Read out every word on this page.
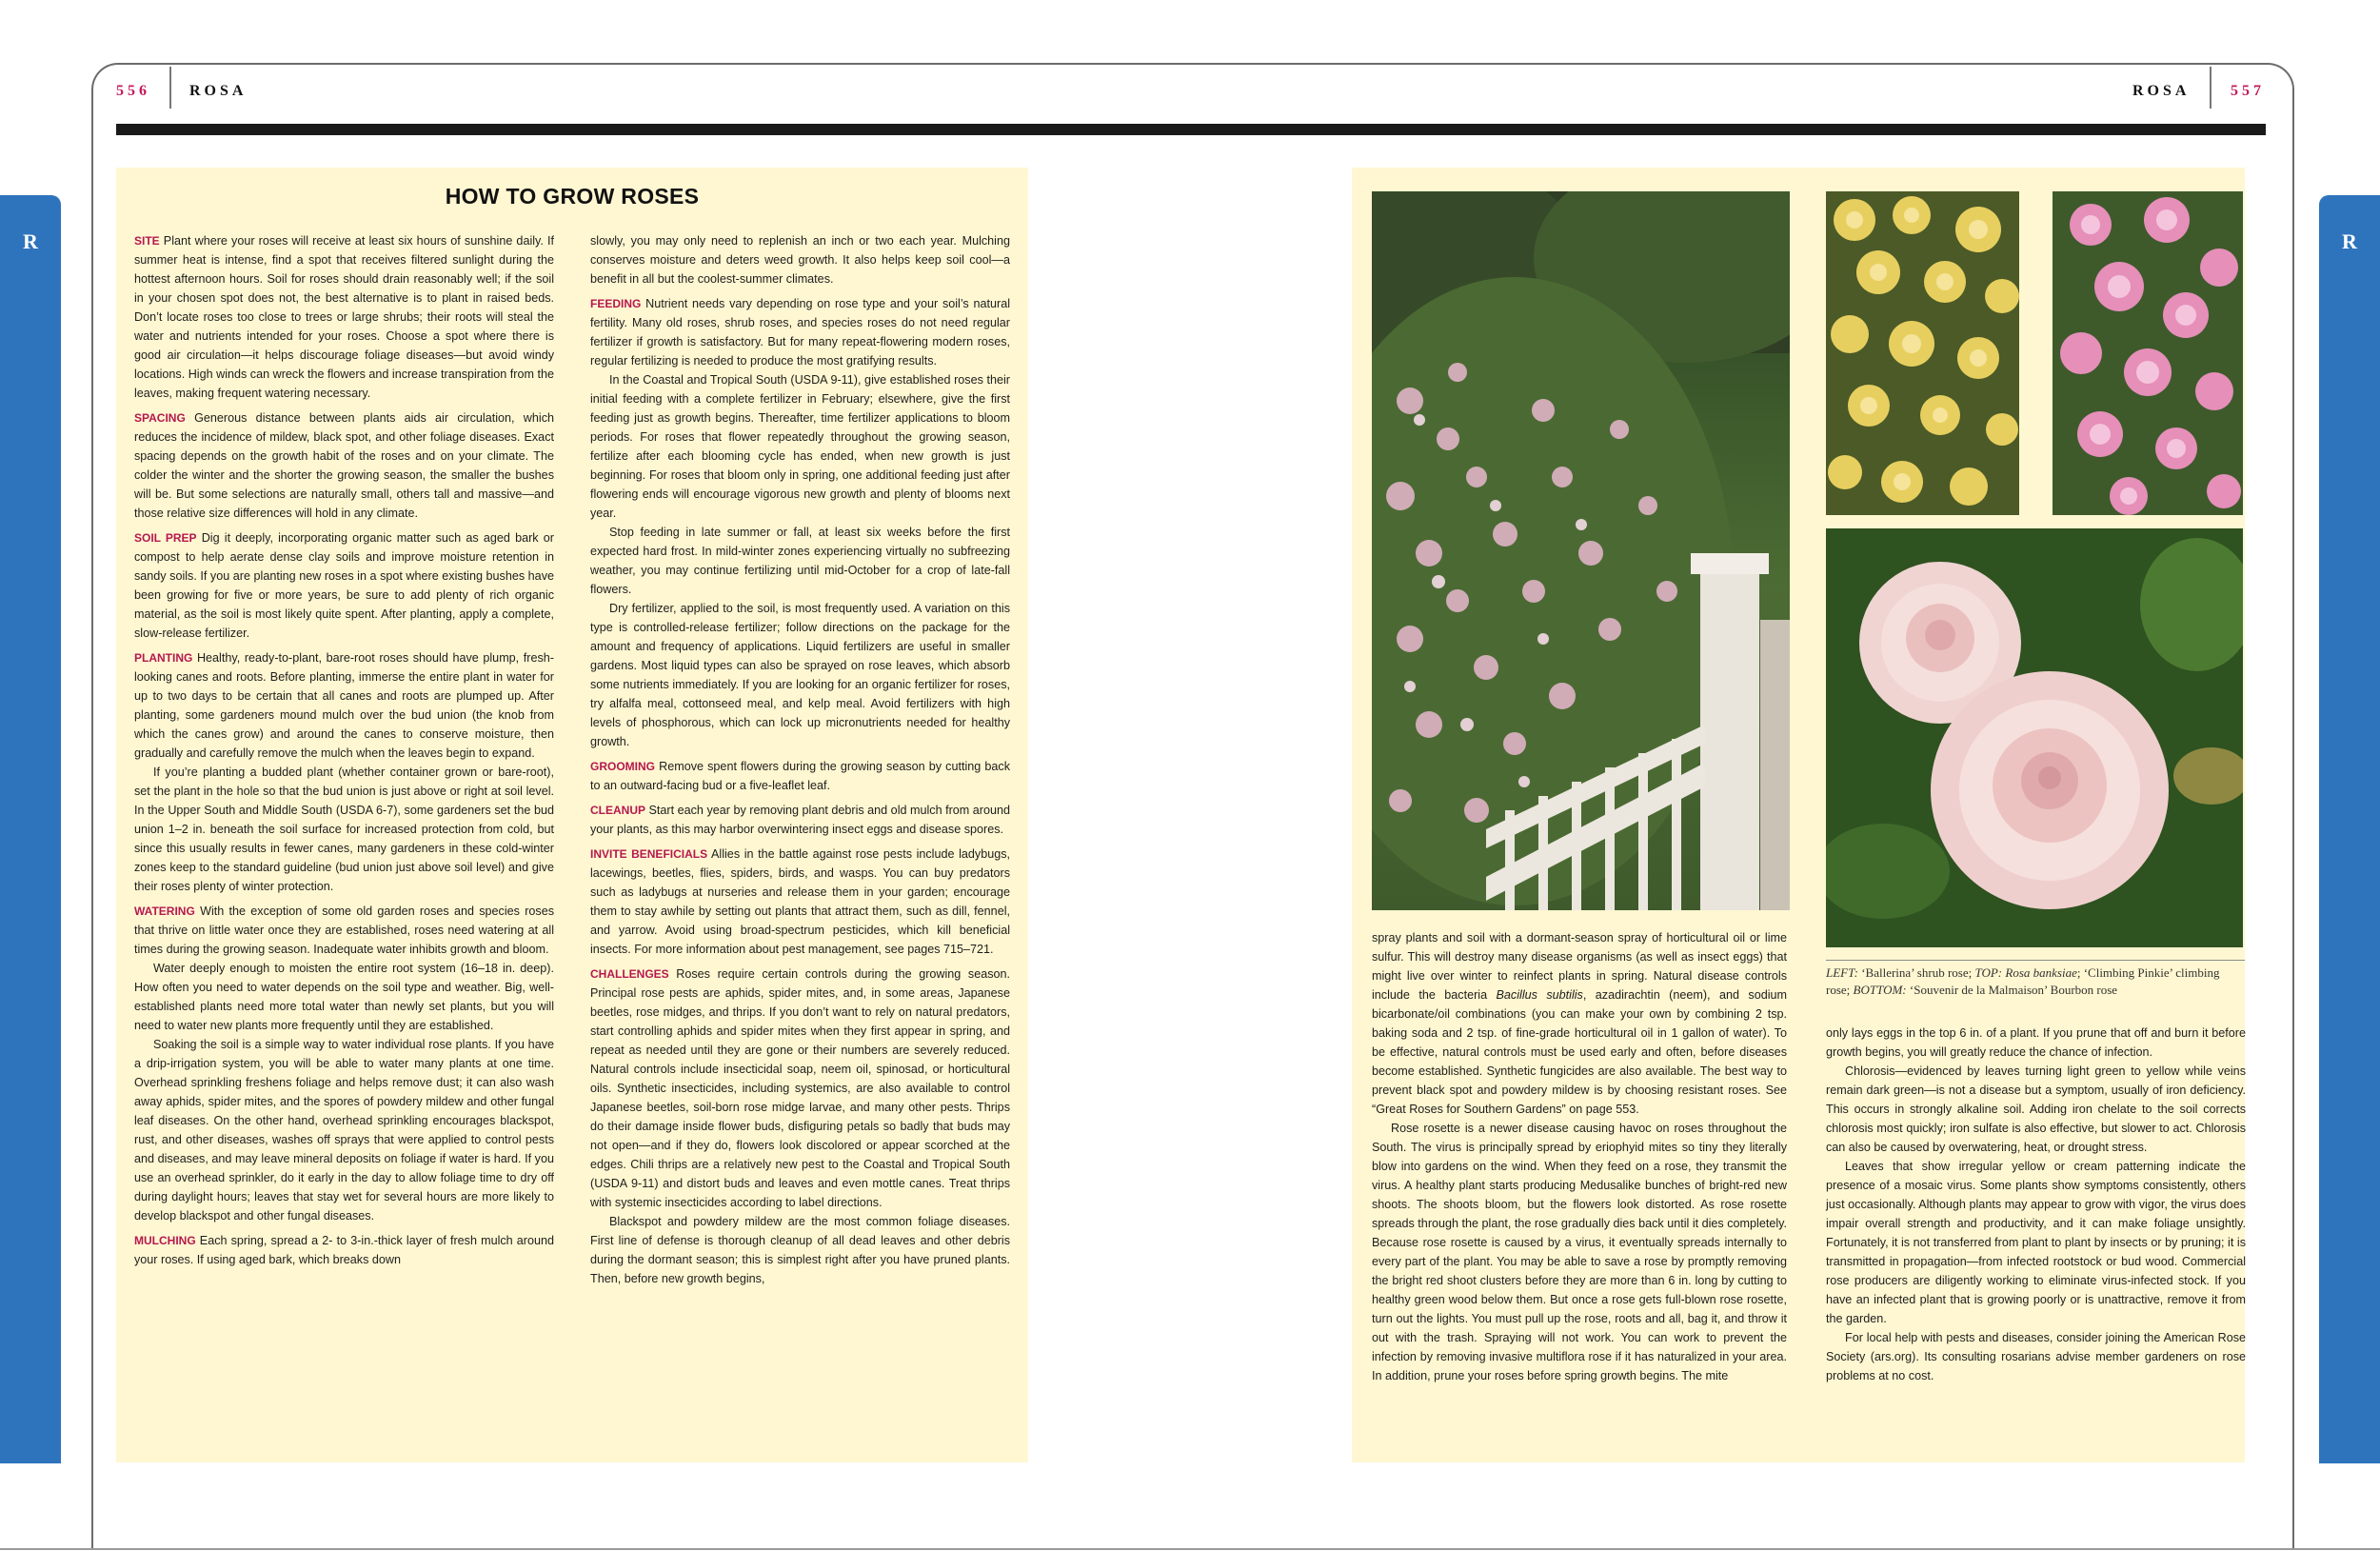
556	ROSA	ROSA	557
R	R
HOW TO GROW ROSES

SITE Plant where your roses will receive at least six hours of sunshine daily. If summer heat is intense, find a spot that receives filtered sunlight during the hottest afternoon hours. Soil for roses should drain reasonably well; if the soil in your chosen spot does not, the best alternative is to plant in raised beds. Don’t locate roses too close to trees or large shrubs; their roots will steal the water and nutrients intended for your roses. Choose a spot where there is good air circulation—it helps discourage foliage diseases—but avoid windy locations. High winds can wreck the flowers and increase transpiration from the leaves, making frequent watering necessary.

SPACING Generous distance between plants aids air circulation, which reduces the incidence of mildew, black spot, and other foliage diseases. Exact spacing depends on the growth habit of the roses and on your climate. The colder the winter and the shorter the growing season, the smaller the bushes will be. But some selections are naturally small, others tall and massive—and those relative size differences will hold in any climate.

SOIL PREP Dig it deeply, incorporating organic matter such as aged bark or compost to help aerate dense clay soils and improve moisture retention in sandy soils. If you are planting new roses in a spot where existing bushes have been growing for five or more years, be sure to add plenty of rich organic material, as the soil is most likely quite spent. After planting, apply a complete, slow-release fertilizer.

PLANTING Healthy, ready-to-plant, bare-root roses should have plump, fresh-looking canes and roots. Before planting, immerse the entire plant in water for up to two days to be certain that all canes and roots are plumped up. After planting, some gardeners mound mulch over the bud union (the knob from which the canes grow) and around the canes to conserve moisture, then gradually and carefully remove the mulch when the leaves begin to expand.

If you’re planting a budded plant (whether container grown or bare-root), set the plant in the hole so that the bud union is just above or right at soil level. In the Upper South and Middle South (USDA 6-7), some gardeners set the bud union 1–2 in. beneath the soil surface for increased protection from cold, but since this usually results in fewer canes, many gardeners in these cold-winter zones keep to the standard guideline (bud union just above soil level) and give their roses plenty of winter protection.

WATERING With the exception of some old garden roses and species roses that thrive on little water once they are established, roses need watering at all times during the growing season. Inadequate water inhibits growth and bloom.

Water deeply enough to moisten the entire root system (16–18 in. deep). How often you need to water depends on the soil type and weather. Big, well-established plants need more total water than newly set plants, but you will need to water new plants more frequently until they are established.

Soaking the soil is a simple way to water individual rose plants. If you have a drip-irrigation system, you will be able to water many plants at one time. Overhead sprinkling freshens foliage and helps remove dust; it can also wash away aphids, spider mites, and the spores of powdery mildew and other fungal leaf diseases. On the other hand, overhead sprinkling encourages blackspot, rust, and other diseases, washes off sprays that were applied to control pests and diseases, and may leave mineral deposits on foliage if water is hard. If you use an overhead sprinkler, do it early in the day to allow foliage time to dry off during daylight hours; leaves that stay wet for several hours are more likely to develop blackspot and other fungal diseases.

MULCHING Each spring, spread a 2- to 3-in.-thick layer of fresh mulch around your roses. If using aged bark, which breaks down

slowly, you may only need to replenish an inch or two each year. Mulching conserves moisture and deters weed growth. It also helps keep soil cool—a benefit in all but the coolest-summer climates.

FEEDING Nutrient needs vary depending on rose type and your soil’s natural fertility. Many old roses, shrub roses, and species roses do not need regular fertilizer if growth is satisfactory. But for many repeat-flowering modern roses, regular fertilizing is needed to produce the most gratifying results.

In the Coastal and Tropical South (USDA 9-11), give established roses their initial feeding with a complete fertilizer in February; elsewhere, give the first feeding just as growth begins. Thereafter, time fertilizer applications to bloom periods. For roses that flower repeatedly throughout the growing season, fertilize after each blooming cycle has ended, when new growth is just beginning. For roses that bloom only in spring, one additional feeding just after flowering ends will encourage vigorous new growth and plenty of blooms next year.

Stop feeding in late summer or fall, at least six weeks before the first expected hard frost. In mild-winter zones experiencing virtually no subfreezing weather, you may continue fertilizing until mid-October for a crop of late-fall flowers.

Dry fertilizer, applied to the soil, is most frequently used. A variation on this type is controlled-release fertilizer; follow directions on the package for the amount and frequency of applications. Liquid fertilizers are useful in smaller gardens. Most liquid types can also be sprayed on rose leaves, which absorb some nutrients immediately. If you are looking for an organic fertilizer for roses, try alfalfa meal, cottonseed meal, and kelp meal. Avoid fertilizers with high levels of phosphorous, which can lock up micronutrients needed for healthy growth.

GROOMING Remove spent flowers during the growing season by cutting back to an outward-facing bud or a five-leaflet leaf.

CLEANUP Start each year by removing plant debris and old mulch from around your plants, as this may harbor overwintering insect eggs and disease spores.

INVITE BENEFICIALS Allies in the battle against rose pests include ladybugs, lacewings, beetles, flies, spiders, birds, and wasps. You can buy predators such as ladybugs at nurseries and release them in your garden; encourage them to stay awhile by setting out plants that attract them, such as dill, fennel, and yarrow. Avoid using broad-spectrum pesticides, which kill beneficial insects. For more information about pest management, see pages 715–721.

CHALLENGES Roses require certain controls during the growing season. Principal rose pests are aphids, spider mites, and, in some areas, Japanese beetles, rose midges, and thrips. If you don’t want to rely on natural predators, start controlling aphids and spider mites when they first appear in spring, and repeat as needed until they are gone or their numbers are severely reduced. Natural controls include insecticidal soap, neem oil, spinosad, or horticultural oils. Synthetic insecticides, including systemics, are also available to control Japanese beetles, soil-born rose midge larvae, and many other pests. Thrips do their damage inside flower buds, disfiguring petals so badly that buds may not open—and if they do, flowers look discolored or appear scorched at the edges. Chili thrips are a relatively new pest to the Coastal and Tropical South (USDA 9-11) and distort buds and leaves and even mottle canes. Treat thrips with systemic insecticides according to label directions.

Blackspot and powdery mildew are the most common foliage diseases. First line of defense is thorough cleanup of all dead leaves and other debris during the dormant season; this is simplest right after you have pruned plants. Then, before new growth begins,

spray plants and soil with a dormant-season spray of horticultural oil or lime sulfur. This will destroy many disease organisms (as well as insect eggs) that might live over winter to reinfect plants in spring. Natural disease controls include the bacteria Bacillus subtilis, azadirachtin (neem), and sodium bicarbonate/oil combinations (you can make your own by combining 2 tsp. baking soda and 2 tsp. of fine-grade horticultural oil in 1 gallon of water). To be effective, natural controls must be used early and often, before diseases become established. Synthetic fungicides are also available. The best way to prevent black spot and powdery mildew is by choosing resistant roses. See “Great Roses for Southern Gardens” on page 553.

Rose rosette is a newer disease causing havoc on roses throughout the South. The virus is principally spread by eriophyid mites so tiny they literally blow into gardens on the wind. When they feed on a rose, they transmit the virus. A healthy plant starts producing Medusalike bunches of bright-red new shoots. The shoots bloom, but the flowers look distorted. As rose rosette spreads through the plant, the rose gradually dies back until it dies completely. Because rose rosette is caused by a virus, it eventually spreads internally to every part of the plant. You may be able to save a rose by promptly removing the bright red shoot clusters before they are more than 6 in. long by cutting to healthy green wood below them. But once a rose gets full-blown rose rosette, turn out the lights. You must pull up the rose, roots and all, bag it, and throw it out with the trash. Spraying will not work. You can work to prevent the infection by removing invasive multiflora rose if it has naturalized in your area. In addition, prune your roses before spring growth begins. The mite

LEFT: ‘Ballerina’ shrub rose; TOP: Rosa banksiae; ‘Climbing Pinkie’ climbing rose; BOTTOM: ‘Souvenir de la Malmaison’ Bourbon rose

only lays eggs in the top 6 in. of a plant. If you prune that off and burn it before growth begins, you will greatly reduce the chance of infection.

Chlorosis—evidenced by leaves turning light green to yellow while veins remain dark green—is not a disease but a symptom, usually of iron deficiency. This occurs in strongly alkaline soil. Adding iron chelate to the soil corrects chlorosis most quickly; iron sulfate is also effective, but slower to act. Chlorosis can also be caused by overwatering, heat, or drought stress.

Leaves that show irregular yellow or cream patterning indicate the presence of a mosaic virus. Some plants show symptoms consistently, others just occasionally. Although plants may appear to grow with vigor, the virus does impair overall strength and productivity, and it can make foliage unsightly. Fortunately, it is not transferred from plant to plant by insects or by pruning; it is transmitted in propagation—from infected rootstock or bud wood. Commercial rose producers are diligently working to eliminate virus-infected stock. If you have an infected plant that is growing poorly or is unattractive, remove it from the garden.

For local help with pests and diseases, consider joining the American Rose Society (ars.org). Its consulting rosarians advise member gardeners on rose problems at no cost.
